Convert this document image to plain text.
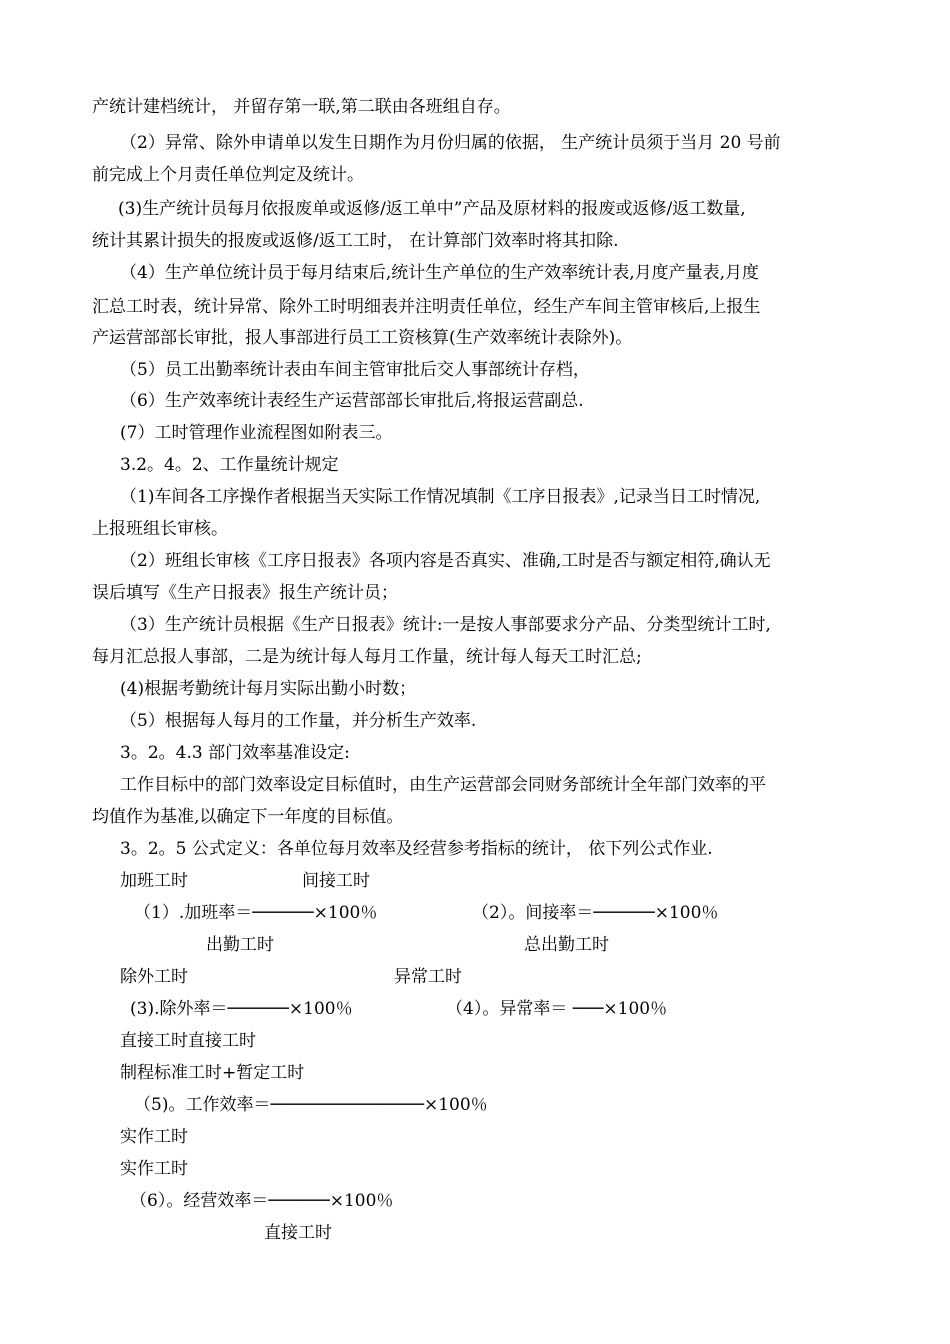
产统计建档统计， 并留存第一联,第二联由各班组自存。
（2）异常、除外申请单以发生日期作为月份归属的依据， 生产统计员须于当月 20 号前
前完成上个月责任单位判定及统计。
(3)生产统计员每月依报废单或返修/返工单中”产品及原材料的报废或返修/返工数量,
统计其累计损失的报废或返修/返工工时， 在计算部门效率时将其扣除.
（4）生产单位统计员于每月结束后,统计生产单位的生产效率统计表,月度产量表,月度
汇总工时表，统计异常、除外工时明细表并注明责任单位，经生产车间主管审核后,上报生
产运营部部长审批，报人事部进行员工工资核算(生产效率统计表除外)。
（5）员工出勤率统计表由车间主管审批后交人事部统计存档，
（6）生产效率统计表经生产运营部部长审批后,将报运营副总.
(7）工时管理作业流程图如附表三。
3.2。4。2、工作量统计规定
（1)车间各工序操作者根据当天实际工作情况填制《工序日报表》,记录当日工时情况,
上报班组长审核。
（2）班组长审核《工序日报表》各项内容是否真实、准确,工时是否与额定相符,确认无
误后填写《生产日报表》报生产统计员；
（3）生产统计员根据《生产日报表》统计:一是按人事部要求分产品、分类型统计工时,
每月汇总报人事部，二是为统计每人每月工作量，统计每人每天工时汇总;
(4)根据考勤统计每月实际出勤小时数；
（5）根据每人每月的工作量，并分析生产效率.
3。2。4.3 部门效率基准设定:
工作目标中的部门效率设定目标值时，由生产运营部会同财务部统计全年部门效率的平
均值作为基准,以确定下一年度的目标值。
3。2。5 公式定义：各单位每月效率及经营参考指标的统计， 依下列公式作业.
加班工时	间接工时
（1）.加班率＝──────×100％	（2）。间接率＝──────×100％
出勤工时	总出勤工时
除外工时	异常工时
(3).除外率＝──────×100％	（4）。异常率＝ ───×100％
直接工时直接工时
制程标准工时+暂定工时
（5)。工作效率＝───────────────×100％
实作工时
实作工时
（6）。经营效率＝──────×100％
直接工时
